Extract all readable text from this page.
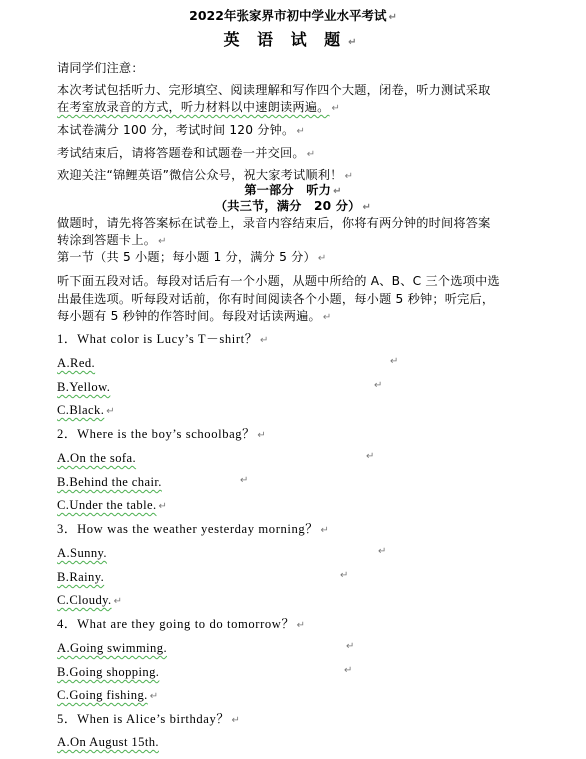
2022年张家界市初中学业水平考试 ↵
英 语 试 题 ↵
请同学们注意：
本次考试包括听力、完形填空、阅读理解和写作四个大题，闭卷，听力测试采取
在考室放录音的方式，听力材料以中速朗读两遍。 ↵
本试卷满分 100 分，考试时间 120 分钟。 ↵
考试结束后，请将答题卷和试题卷一并交回。 ↵
欢迎关注“锦鲤英语”微信公众号，祝大家考试顺利！ ↵
第一部分　听力 ↵
（共三节，满分　20 分） ↵
做题时，请先将答案标在试卷上，录音内容结束后，你将有两分钟的时间将答案
转涂到答题卡上。 ↵
第一节（共 5 小题；每小题 1 分，满分 5 分） ↵
听下面五段对话。每段对话后有一个小题，从题中所给的 A、B、C 三个选项中选
出最佳选项。听每段对话前，你有时间阅读各个小题，每小题 5 秒钟；听完后，
每小题有 5 秒钟的作答时间。每段对话读两遍。 ↵
1．What color is Lucy’s T－shirt？ ↵
A.Red.	↵
B.Yellow.	↵
C.Black. ↵
2．Where is the boy’s schoolbag？ ↵
A.On the sofa.	↵
B.Behind the chair.	↵
C.Under the table. ↵
3．How was the weather yesterday morning？ ↵
A.Sunny.	↵
B.Rainy.	↵
C.Cloudy. ↵
4．What are they going to do tomorrow？ ↵
A.Going swimming.	↵
B.Going shopping.	↵
C.Going fishing. ↵
5．When is Alice’s birthday？ ↵
A.On August 15th.
